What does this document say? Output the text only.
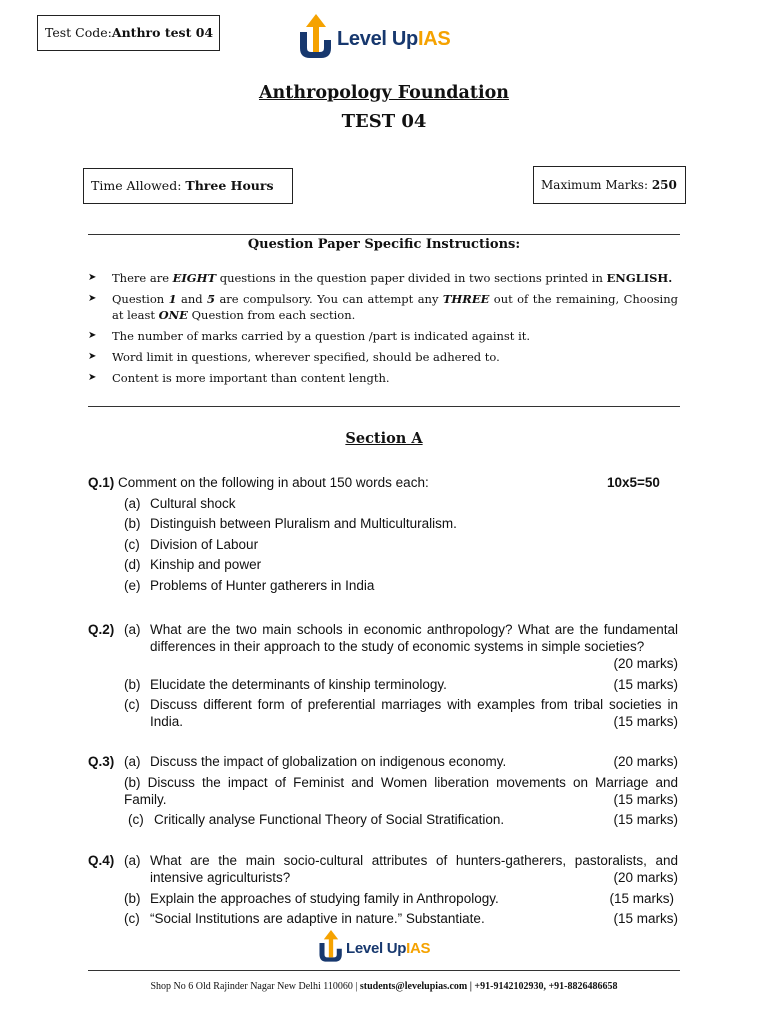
Test Code:Anthro test 04	Level UpIAS
Anthropology Foundation
TEST 04
Time Allowed: Three Hours	Maximum Marks: 250
Question Paper Specific Instructions:
➤	There are EIGHT questions in the question paper divided in two sections printed in ENGLISH.
➤	Question 1 and 5 are compulsory. You can attempt any THREE out of the remaining, Choosing at least ONE Question from each section.
➤	The number of marks carried by a question /part is indicated against it.
➤	Word limit in questions, wherever specified, should be adhered to.
➤	Content is more important than content length.
Section A
Q.1) Comment on the following in about 150 words each:	10x5=50
(a) Cultural shock
(b) Distinguish between Pluralism and Multiculturalism.
(c) Division of Labour
(d) Kinship and power
(e) Problems of Hunter gatherers in India
Q.2) (a) What are the two main schools in economic anthropology? What are the fundamental differences in their approach to the study of economic systems in simple societies?
(20 marks)
(b) Elucidate the determinants of kinship terminology.	(15 marks)
(c) Discuss different form of preferential marriages with examples from tribal societies in India.	(15 marks)
Q.3) (a) Discuss the impact of globalization on indigenous economy.	(20 marks)
(b) Discuss the impact of Feminist and Women liberation movements on Marriage and Family.	(15 marks)
(c) Critically analyse Functional Theory of Social Stratification.	(15 marks)
Q.4) (a) What are the main socio-cultural attributes of hunters-gatherers, pastoralists, and intensive agriculturists?	(20 marks)
(b) Explain the approaches of studying family in Anthropology.	(15 marks)
(c) “Social Institutions are adaptive in nature.” Substantiate.	(15 marks)
Level UpIAS
Shop No 6 Old Rajinder Nagar New Delhi 110060 | students@levelupias.com | +91-9142102930, +91-8826486658
